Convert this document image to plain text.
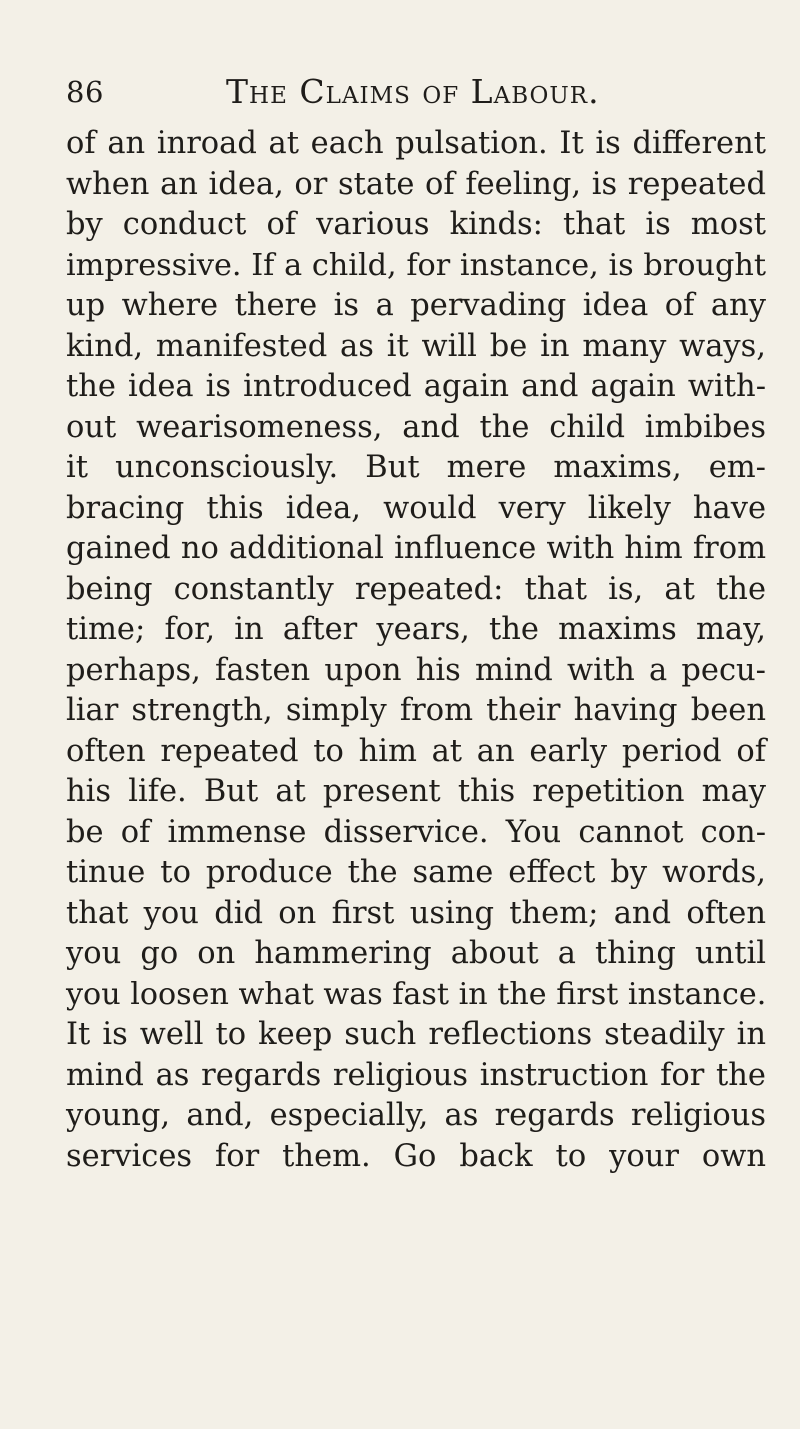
86	The Claims of Labour.
of an inroad at each pulsation. It is different
when an idea, or state of feeling, is repeated
by conduct of various kinds: that is most
impressive. If a child, for instance, is brought
up where there is a pervading idea of any
kind, manifested as it will be in many ways,
the idea is introduced again and again with-
out wearisomeness, and the child imbibes
it unconsciously. But mere maxims, em-
bracing this idea, would very likely have
gained no additional influence with him from
being constantly repeated: that is, at the
time; for, in after years, the maxims may,
perhaps, fasten upon his mind with a pecu-
liar strength, simply from their having been
often repeated to him at an early period of
his life. But at present this repetition may
be of immense disservice. You cannot con-
tinue to produce the same effect by words,
that you did on first using them; and often
you go on hammering about a thing until
you loosen what was fast in the first instance.
It is well to keep such reflections steadily in
mind as regards religious instruction for the
young, and, especially, as regards religious
services for them. Go back to your own
